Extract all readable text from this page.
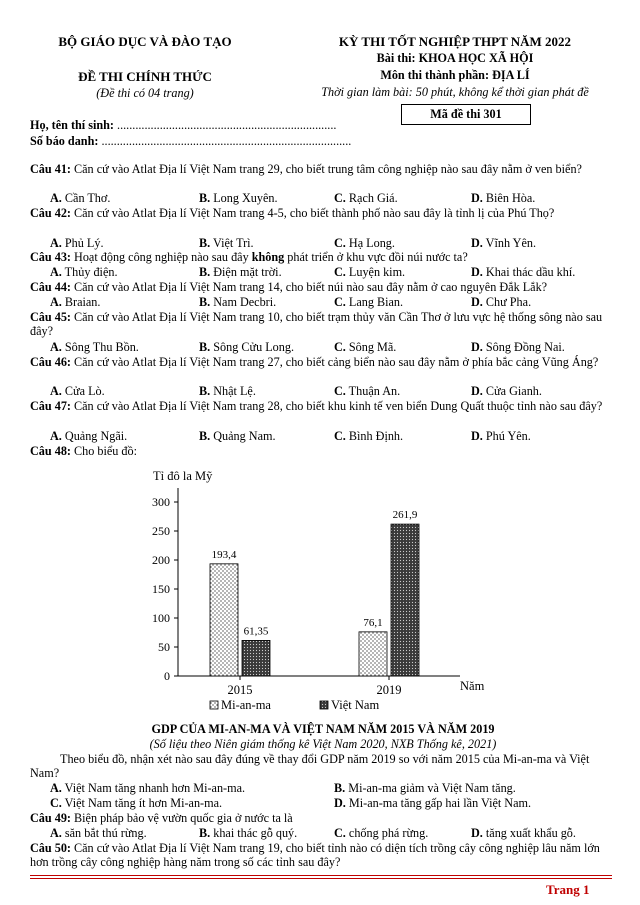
BỘ GIÁO DỤC VÀ ĐÀO TẠO
ĐỀ THI CHÍNH THỨC
(Đề thi có 04 trang)
KỲ THI TỐT NGHIỆP THPT NĂM 2022
Bài thi: KHOA HỌC XÃ HỘI
Môn thi thành phần: ĐỊA LÍ
Thời gian làm bài: 50 phút, không kể thời gian phát đề
Mã đề thi 301
Họ, tên thí sinh: ........................................................................
Số báo danh: ..................................................................................
Câu 41: Căn cứ vào Atlat Địa lí Việt Nam trang 29, cho biết trung tâm công nghiệp nào sau đây nằm ở ven biển?
A. Cần Thơ.	B. Long Xuyên.	C. Rạch Giá.	D. Biên Hòa.
Câu 42: Căn cứ vào Atlat Địa lí Việt Nam trang 4-5, cho biết thành phố nào sau đây là tỉnh lị của Phú Thọ?
A. Phủ Lý.	B. Việt Trì.	C. Hạ Long.	D. Vĩnh Yên.
Câu 43: Hoạt động công nghiệp nào sau đây không phát triển ở khu vực đồi núi nước ta?
A. Thủy điện.	B. Điện mặt trời.	C. Luyện kim.	D. Khai thác dầu khí.
Câu 44: Căn cứ vào Atlat Địa lí Việt Nam trang 14, cho biết núi nào sau đây nằm ở cao nguyên Đắk Lắk?
A. Braian.	B. Nam Decbri.	C. Lang Bian.	D. Chư Pha.
Câu 45: Căn cứ vào Atlat Địa lí Việt Nam trang 10, cho biết trạm thủy văn Cần Thơ ở lưu vực hệ thống sông nào sau đây?
A. Sông Thu Bồn.	B. Sông Cửu Long.	C. Sông Mã.	D. Sông Đồng Nai.
Câu 46: Căn cứ vào Atlat Địa lí Việt Nam trang 27, cho biết cảng biển nào sau đây nằm ở phía bắc cảng Vũng Áng?
A. Cửa Lò.	B. Nhật Lệ.	C. Thuận An.	D. Cửa Gianh.
Câu 47: Căn cứ vào Atlat Địa lí Việt Nam trang 28, cho biết khu kinh tế ven biển Dung Quất thuộc tỉnh nào sau đây?
A. Quảng Ngãi.	B. Quảng Nam.	C. Bình Định.	D. Phú Yên.
Câu 48: Cho biểu đồ:
Tỉ đô la Mỹ
Năm
0
50
100
150
200
250
300
2015
193,4
61,35
2019
76,1
261,9
Mi-an-ma	Việt Nam
GDP CỦA MI-AN-MA VÀ VIỆT NAM NĂM 2015 VÀ NĂM 2019
(Số liệu theo Niên giám thống kê Việt Nam 2020, NXB Thống kê, 2021)
Theo biểu đồ, nhận xét nào sau đây đúng về thay đổi GDP năm 2019 so với năm 2015 của Mi-an-ma và Việt Nam?
A. Việt Nam tăng nhanh hơn Mi-an-ma.	B. Mi-an-ma giảm và Việt Nam tăng.
C. Việt Nam tăng ít hơn Mi-an-ma.	D. Mi-an-ma tăng gấp hai lần Việt Nam.
Câu 49: Biện pháp bảo vệ vườn quốc gia ở nước ta là
A. săn bắt thú rừng.	B. khai thác gỗ quý.	C. chống phá rừng.	D. tăng xuất khẩu gỗ.
Câu 50: Căn cứ vào Atlat Địa lí Việt Nam trang 19, cho biết tỉnh nào có diện tích trồng cây công nghiệp lâu năm lớn hơn trồng cây công nghiệp hàng năm trong số các tỉnh sau đây?
Trang 1
